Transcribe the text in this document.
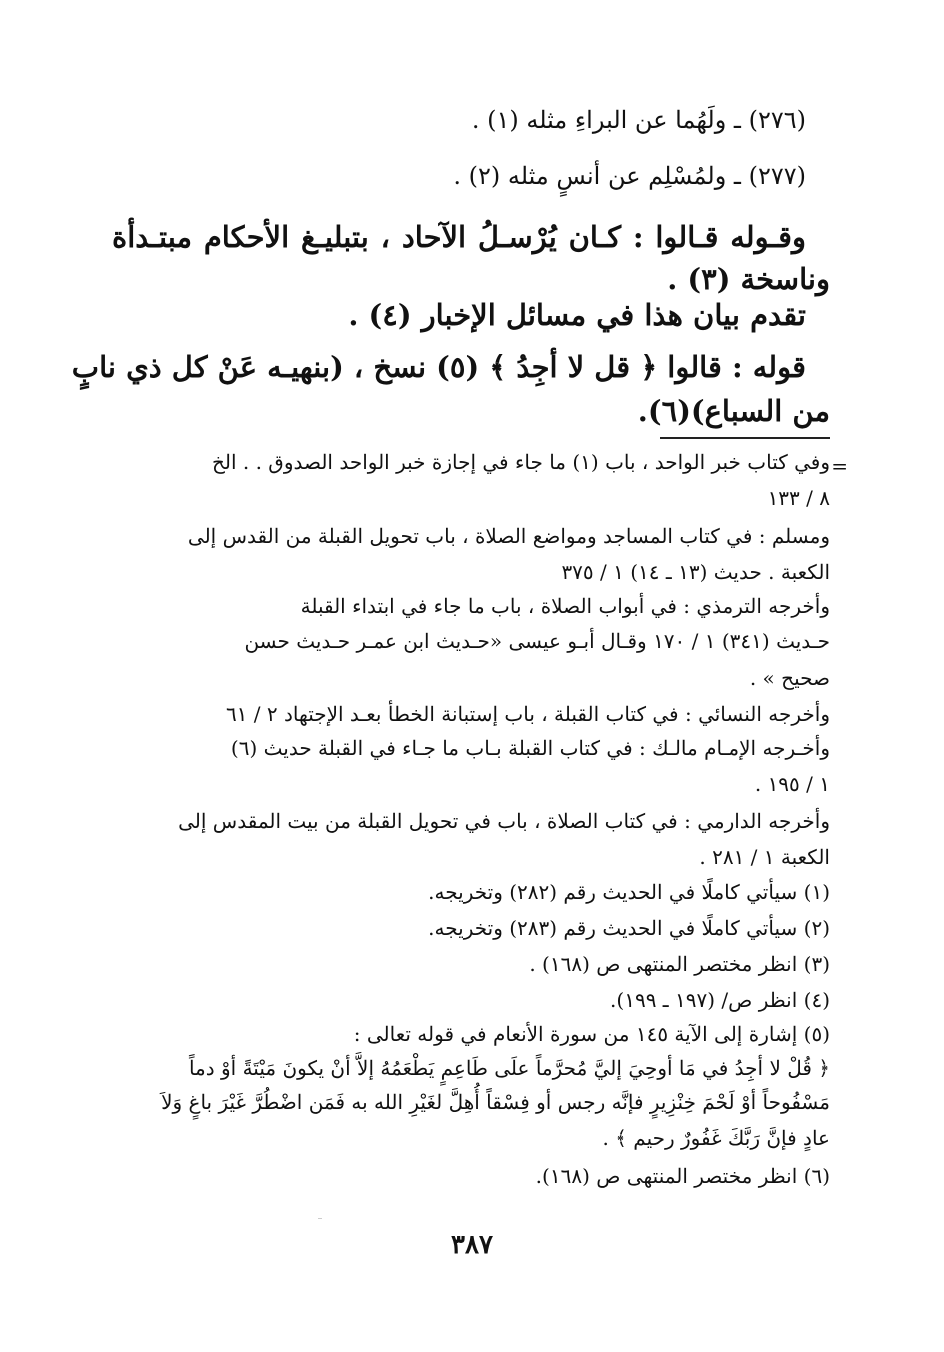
(٢٧٦) ـ ولَهُما عن البراءِ مثله (١) .
(٢٧٧) ـ ولمُسْلِم عن أنسٍ مثله (٢) .
وقـوله قـالوا : كـان يُرْسـلُ الآحاد ، بتبليـغ الأحكام مبتـدأة
وناسخة (٣) .
تقدم بيان هذا في مسائل الإخبار (٤) .
قوله : قالوا ﴿ قل لا أجِدُ ﴾ (٥) نسخ ، (بنهيـه عَنْ كل ذي نابٍ
من السباع)(٦).
=
وفي كتاب خبر الواحد ، باب (١) ما جاء في إجازة خبر الواحد الصدوق . . الخ
٨ / ١٣٣
ومسلم : في كتاب المساجد ومواضع الصلاة ، باب تحويل القبلة من القدس إلى
الكعبة . حديث (١٣ ـ ١٤) ١ / ٣٧٥
وأخرجه الترمذي : في أبواب الصلاة ، باب ما جاء في ابتداء القبلة
حـديث (٣٤١) ١ / ١٧٠ وقـال أبـو عيسى «حـديث ابن عمـر حـديث حسن
صحيح » .
وأخرجه النسائي : في كتاب القبلة ، باب إستبانة الخطأ بعـد الإجتهاد ٢ / ٦١
وأخـرجه الإمـام مالـك : في كتاب القبلة بـاب ما جـاء في القبلة حديث (٦)
١ / ١٩٥ .
وأخرجه الدارمي : في كتاب الصلاة ، باب في تحويل القبلة من بيت المقدس إلى
الكعبة ١ / ٢٨١ .
(١) سيأتي كاملًا في الحديث رقم (٢٨٢) وتخريجه.
(٢) سيأتي كاملًا في الحديث رقم (٢٨٣) وتخريجه.
(٣) انظر مختصر المنتهى ص (١٦٨) .
(٤) انظر ص/ (١٩٧ ـ ١٩٩).
(٥) إشارة إلى الآية ١٤٥ من سورة الأنعام في قوله تعالى :
﴿ قُلْ لا أجِدُ في مَا أوحِيَ إليَّ مُحرَّماً علَى طَاعِمٍ يَطْعَمُهُ إلاَّ أنْ يكونَ مَيْتَةً أوْ دماً
مَسْفُوحاً أوْ لَحْمَ خِنْزِيرٍ فإنَّه رجس أو فِسْقاً أُهِلَّ لغَيْرِ الله به فَمَن اضْطُرَّ غَيْرَ باغٍ وَلاَ
عادٍ فإنَّ رَبَّكَ غَفُورٌ رحيم ﴾ .
(٦) انظر مختصر المنتهى ص (١٦٨).
٣٨٧
